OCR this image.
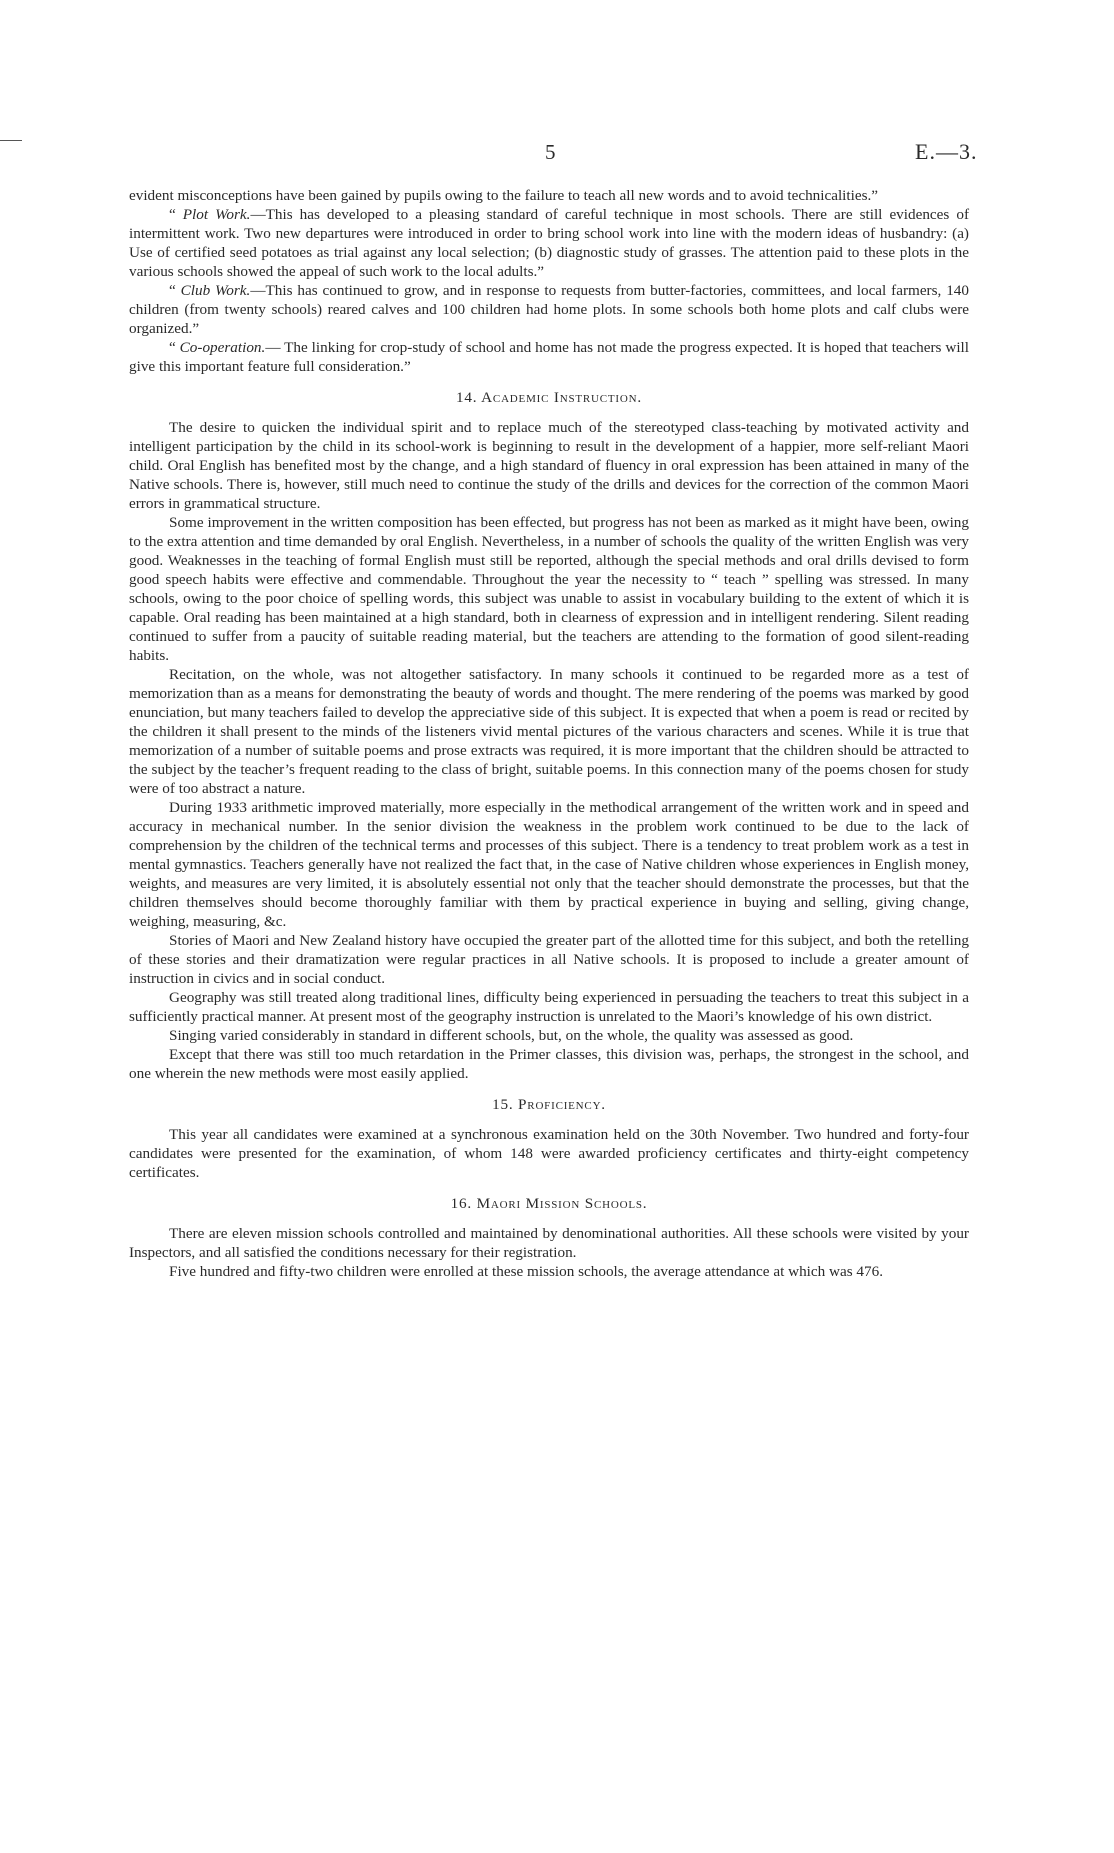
5	E.—3.

evident misconceptions have been gained by pupils owing to the failure to teach all new words and to avoid technicalities.”

“ Plot Work.—This has developed to a pleasing standard of careful technique in most schools. There are still evidences of intermittent work. Two new departures were introduced in order to bring school work into line with the modern ideas of husbandry: (a) Use of certified seed potatoes as trial against any local selection; (b) diagnostic study of grasses. The attention paid to these plots in the various schools showed the appeal of such work to the local adults.”

“ Club Work.—This has continued to grow, and in response to requests from butter-factories, committees, and local farmers, 140 children (from twenty schools) reared calves and 100 children had home plots. In some schools both home plots and calf clubs were organized.”

“ Co-operation.— The linking for crop-study of school and home has not made the progress expected. It is hoped that teachers will give this important feature full consideration.”

14. Academic Instruction.

The desire to quicken the individual spirit and to replace much of the stereotyped class-teaching by motivated activity and intelligent participation by the child in its school-work is beginning to result in the development of a happier, more self-reliant Maori child. Oral English has benefited most by the change, and a high standard of fluency in oral expression has been attained in many of the Native schools. There is, however, still much need to continue the study of the drills and devices for the correction of the common Maori errors in grammatical structure.

Some improvement in the written composition has been effected, but progress has not been as marked as it might have been, owing to the extra attention and time demanded by oral English. Nevertheless, in a number of schools the quality of the written English was very good. Weaknesses in the teaching of formal English must still be reported, although the special methods and oral drills devised to form good speech habits were effective and commendable. Throughout the year the necessity to “ teach ” spelling was stressed. In many schools, owing to the poor choice of spelling words, this subject was unable to assist in vocabulary building to the extent of which it is capable. Oral reading has been maintained at a high standard, both in clearness of expression and in intelligent rendering. Silent reading continued to suffer from a paucity of suitable reading material, but the teachers are attending to the formation of good silent-reading habits.

Recitation, on the whole, was not altogether satisfactory. In many schools it continued to be regarded more as a test of memorization than as a means for demonstrating the beauty of words and thought. The mere rendering of the poems was marked by good enunciation, but many teachers failed to develop the appreciative side of this subject. It is expected that when a poem is read or recited by the children it shall present to the minds of the listeners vivid mental pictures of the various characters and scenes. While it is true that memorization of a number of suitable poems and prose extracts was required, it is more important that the children should be attracted to the subject by the teacher’s frequent reading to the class of bright, suitable poems. In this connection many of the poems chosen for study were of too abstract a nature.

During 1933 arithmetic improved materially, more especially in the methodical arrangement of the written work and in speed and accuracy in mechanical number. In the senior division the weakness in the problem work continued to be due to the lack of comprehension by the children of the technical terms and processes of this subject. There is a tendency to treat problem work as a test in mental gymnastics. Teachers generally have not realized the fact that, in the case of Native children whose experiences in English money, weights, and measures are very limited, it is absolutely essential not only that the teacher should demonstrate the processes, but that the children themselves should become thoroughly familiar with them by practical experience in buying and selling, giving change, weighing, measuring, &c.

Stories of Maori and New Zealand history have occupied the greater part of the allotted time for this subject, and both the retelling of these stories and their dramatization were regular practices in all Native schools. It is proposed to include a greater amount of instruction in civics and in social conduct.

Geography was still treated along traditional lines, difficulty being experienced in persuading the teachers to treat this subject in a sufficiently practical manner. At present most of the geography instruction is unrelated to the Maori’s knowledge of his own district.

Singing varied considerably in standard in different schools, but, on the whole, the quality was assessed as good.

Except that there was still too much retardation in the Primer classes, this division was, perhaps, the strongest in the school, and one wherein the new methods were most easily applied.

15. Proficiency.

This year all candidates were examined at a synchronous examination held on the 30th November. Two hundred and forty-four candidates were presented for the examination, of whom 148 were awarded proficiency certificates and thirty-eight competency certificates.

16. Maori Mission Schools.

There are eleven mission schools controlled and maintained by denominational authorities. All these schools were visited by your Inspectors, and all satisfied the conditions necessary for their registration.

Five hundred and fifty-two children were enrolled at these mission schools, the average attendance at which was 476.
